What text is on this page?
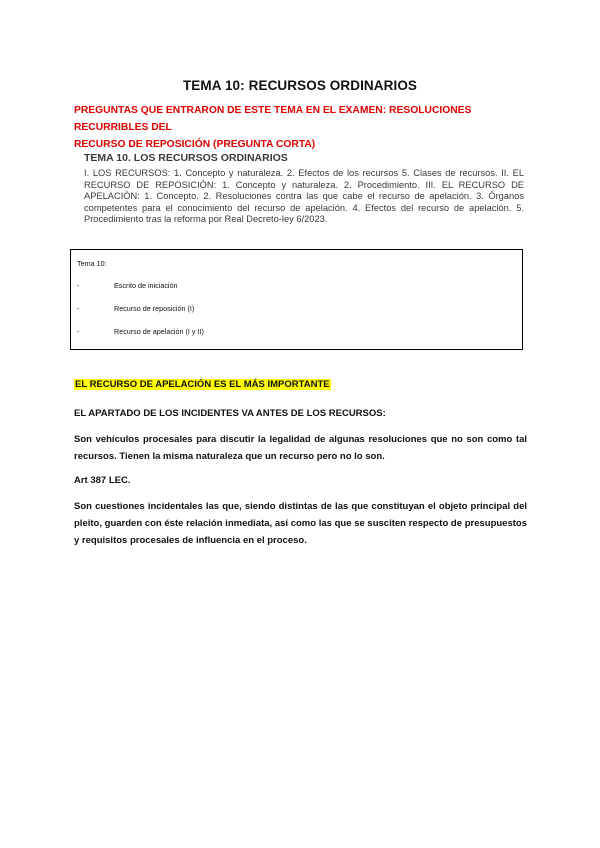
TEMA 10: RECURSOS ORDINARIOS
PREGUNTAS QUE ENTRARON DE ESTE TEMA EN EL EXAMEN: RESOLUCIONES RECURRIBLES DEL
RECURSO DE REPOSICIÓN (PREGUNTA CORTA)
TEMA 10. LOS RECURSOS ORDINARIOS
I. LOS RECURSOS: 1. Concepto y naturaleza. 2. Efectos de los recursos 5. Clases de recursos. II. EL RECURSO DE REPOSICIÓN: 1. Concepto y naturaleza. 2. Procedimiento. III. EL RECURSO DE APELACIÓN: 1. Concepto. 2. Resoluciones contra las que cabe el recurso de apelación. 3. Órganos competentes para el conocimiento del recurso de apelación. 4. Efectos del recurso de apelación. 5. Procedimiento tras la reforma por Real Decreto-ley 6/2023.
Tema 10:
-	Escrito de iniciación
-	Recurso de reposición (I)
-	Recurso de apelación (I y II)
EL RECURSO DE APELACIÓN ES EL MÁS IMPORTANTE
EL APARTADO DE LOS INCIDENTES VA ANTES DE LOS RECURSOS:
Son vehículos procesales para discutir la legalidad de algunas resoluciones que no son como tal recursos. Tienen la misma naturaleza que un recurso pero no lo son.
Art 387 LEC.
Son cuestiones incidentales las que, siendo distintas de las que constituyan el objeto principal del pleito, guarden con éste relación inmediata, así como las que se susciten respecto de presupuestos y requisitos procesales de influencia en el proceso.
